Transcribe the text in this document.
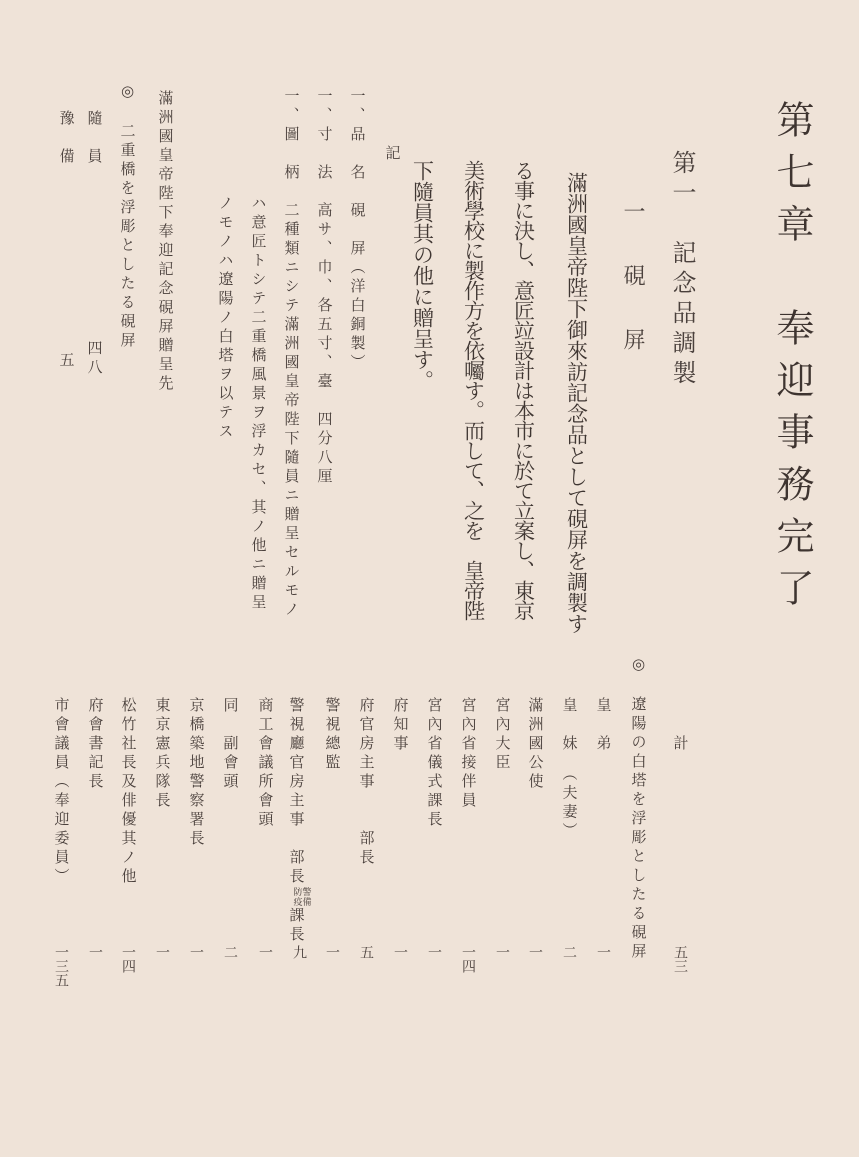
第七章　奉迎事務完了
第一　記念品調製
一　硯　屏
滿洲國皇帝陛下御來訪記念品として硯屏を調製す
る事に決し、意匠竝設計は本市に於て立案し、東京
美術學校に製作方を依囑す。而して、之を　皇帝陛
下隨員其の他に贈呈す。
記
一、品　名　硯　屏（洋白銅製）
一、寸　法　高サ、巾、各五寸、臺　四分八厘
一、圖　柄　二種類ニシテ滿洲國皇帝陛下隨員ニ贈呈セルモノ
ハ意匠トシテ二重橋風景ヲ浮カセ、其ノ他ニ贈呈
ノモノハ遼陽ノ白塔ヲ以テス
滿洲國皇帝陛下奉迎記念硯屏贈呈先
◎　二重橋を浮彫としたる硯屏
隨　員
四八
豫　備
五
計
五三
◎　遼陽の白塔を浮彫としたる硯屏
皇　弟
一
皇　妹　（夫妻）
二
滿洲國公使
一
宮內大臣
一
宮內省接伴員
一四
宮內省儀式課長
一
府知事
一
府官房主事　　部長
五
警視總監
一
警視廳官房主事　部長
警備
防疫
課長
九
商工會議所會頭
一
同　副會頭
二
京橋築地警察署長
一
東京憲兵隊長
一
松竹社長及俳優其ノ他
一四
府會書記長
一
市會議員（奉迎委員）
一三五
